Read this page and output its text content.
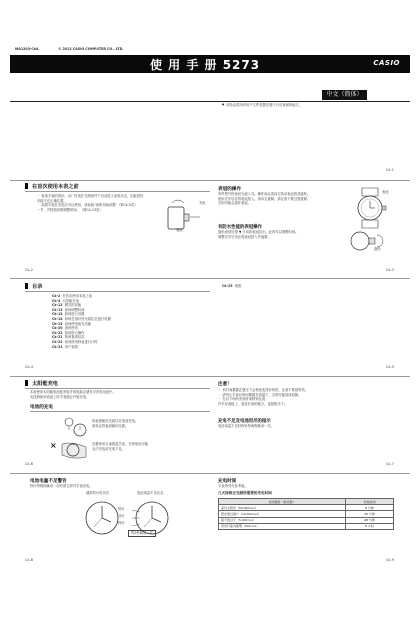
MA1203-CkA	© 2012 CASIO COMPUTER CO., LTD.
使 用 手 册 5273	CASIO
中文（简体）
● 请务必将所有用户文件放置在便于日后查阅的地方。
Ck-1
在首次使用本表之前
・ 检查手表的指针。出厂时表在光照条件下自动进入省电状态，因此指针
可能不在正确位置。
・ 如果手表在充电后可以使用，请参阅"表的初始设置"（第Ck-5页）
一节，并按照说明调整时间。（第Ck-13页）
充电
表冠
Ck-2
表冠的操作
有些型号的表冠为旋入式。操作前必须向左转动表冠将其旋松。
使用完毕后应将表冠按入，再向右旋紧。请注意不要过度旋紧。
否则可能会损坏表冠。
表冠
有防水性能的表冠操作
旋松表冠后按 ▼ 方向将表冠拉出，此时可以调整时间。
调整完毕后务必将表冠按入并旋紧。
旋松
Ck-3
目录
Ck-2 在首次使用本表之前
Ck-4 太阳能充电
Ck-12 模式的切换
Ck-13 如何调整时间
Ck-13  如何进行设置
Ck-14  如何在指针回至原位后进行设置
Ck-15 如何使用夜光功能
Ck-20 表的使用
Ck-21  如何进行操作
Ck-21  如何查看信息
Ck-22  如何使用秒表进行计时
Ck-23 用户须知
Ck-25 规格
Ck-4	Ck-5
太阳能充电
本表使用太阳能电池板发电并将电能存储在可充电电池中。
光线照射到表盘上时手表便会开始充电。
电池的充电
将表面朝向光源以对电池充电。
请务必将表面朝向光源。
×	应避免用衣袖遮盖手表，否则电池可能
无法充电或充电不足。
Ck-6
注意！
・ 长时间暴露在强光下会使表变得非常热，注意不要被烫伤。
・ 请勿让手表长时间暴露在高温下，否则可能造成故障。
・ 在以下场所充电时请特别注意：
汽车仪表板上、靠近灯泡的地方、直射阳光下。
充电不足及电池用尽的指示
电池电量不足时秒针每两秒跳动一次。
Ck-7
电池电量不足警告
秒针每两秒跳动一次时请立即对手表充电。
通常的计时状态	电池电量不足状态
时针
分针
秒针
每2秒跳动一次
Ck-8
充电时间
下表所列为参考值。
几天持续无光照所需要的充电时间
光线强度（勒克斯）	充电时间
室外太阳光（50,000 lux）	8 分钟
阳光透过窗户（10,000 lux）	30 分钟
阴天的白天（5,000 lux）	48 分钟
荧光灯室内照明（500 lux）	8 小时
Ck-9
